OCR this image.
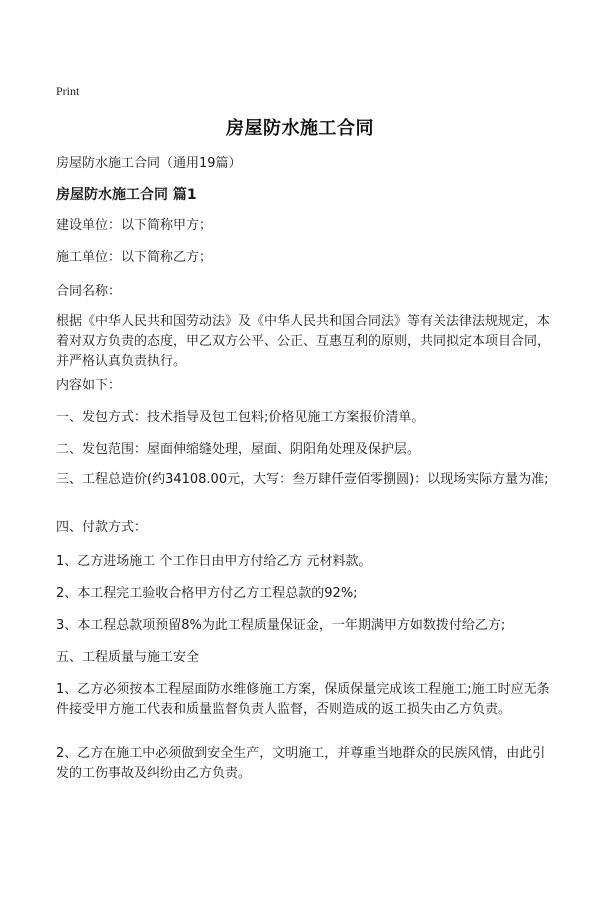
Print
房屋防水施工合同
房屋防水施工合同（通用19篇）
房屋防水施工合同 篇1

建设单位：以下简称甲方；

施工单位：以下简称乙方；

合同名称：

根据《中华人民共和国劳动法》及《中华人民共和国合同法》等有关法律法规规定，本着对双方负责的态度，甲乙双方公平、公正、互惠互利的原则，共同拟定本项目合同，并严格认真负责执行。

内容如下：

一、发包方式：技术指导及包工包料;价格见施工方案报价清单。

二、发包范围：屋面伸缩缝处理，屋面、阴阳角处理及保护层。

三、工程总造价(约34108.00元，大写：叁万肆仟壹佰零捌圆)：以现场实际方量为准;

四、付款方式：

1、乙方进场施工 个工作日由甲方付给乙方 元材料款。

2、本工程完工验收合格甲方付乙方工程总款的92%;

3、本工程总款项预留8%为此工程质量保证金，一年期满甲方如数拨付给乙方;

五、工程质量与施工安全

1、乙方必须按本工程屋面防水维修施工方案，保质保量完成该工程施工;施工时应无条件接受甲方施工代表和质量监督负责人监督，否则造成的返工损失由乙方负责。

2、乙方在施工中必须做到安全生产，文明施工，并尊重当地群众的民族风情，由此引发的工伤事故及纠纷由乙方负责。
